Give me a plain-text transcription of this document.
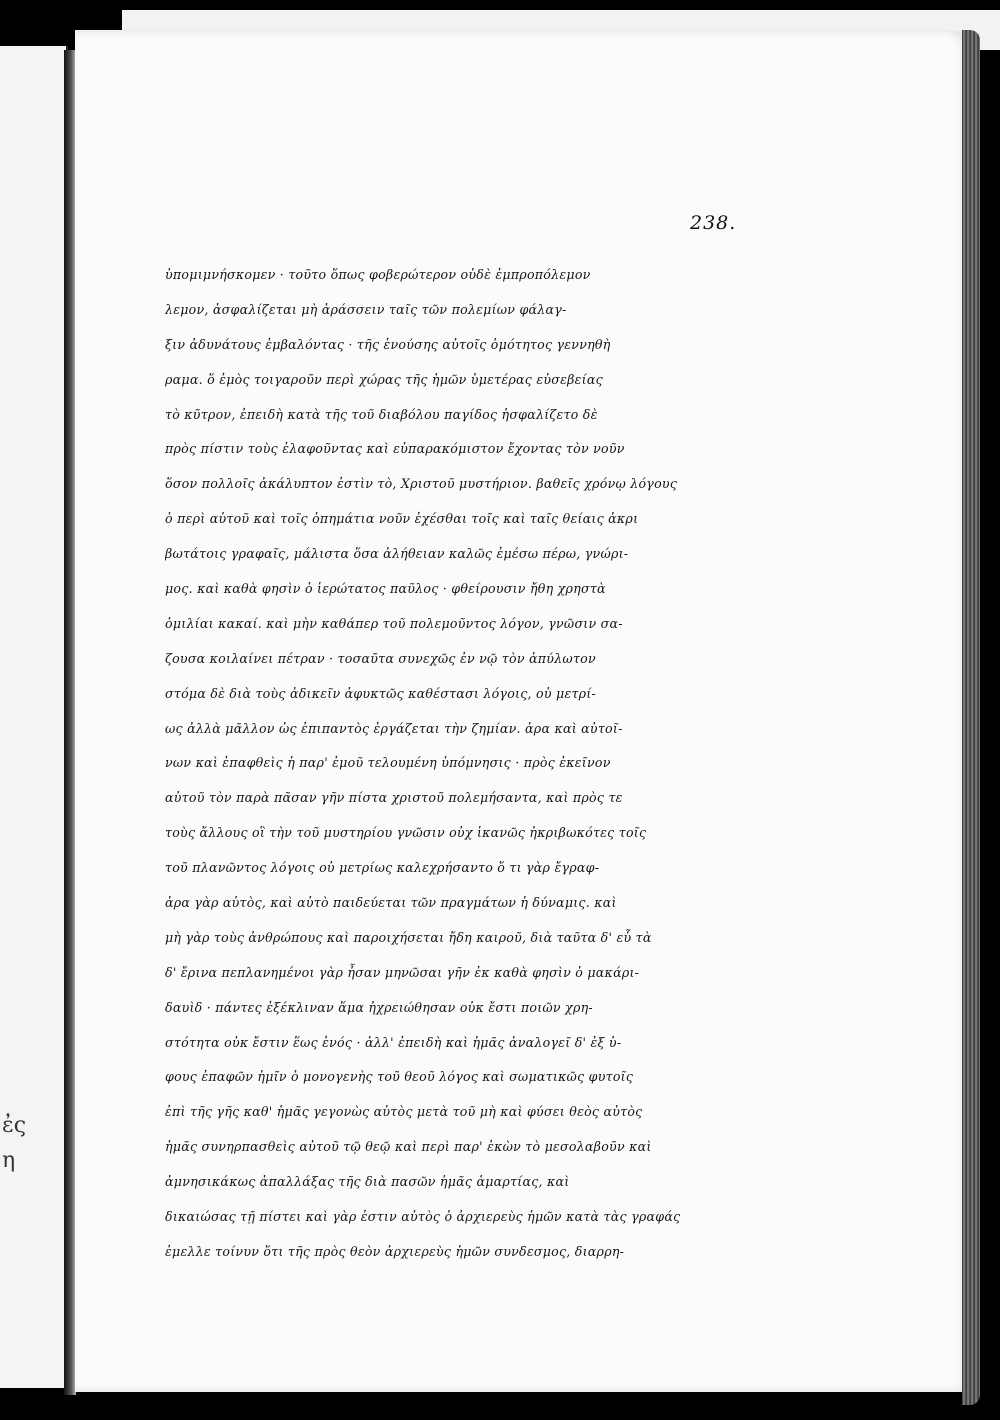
ἐς
η
238.
ὑπομιμνήσκομεν · τοῦτο ὅπως φοβερώτερον οὐδὲ ἐμπροπόλεμον
λεμον, ἀσφαλίζεται μὴ ἀράσσειν ταῖς τῶν πολεμίων φάλαγ-
ξιν ἀδυνάτους ἐμβαλόντας · τῆς ἑνούσης αὐτοῖς ὁμότητος γεννηθὴ
ραμα. ὅ ἐμὸς τοιγαροῦν περὶ χώρας τῆς ἡμῶν ὑμετέρας εὐσεβείας
τὸ κῦτρον, ἐπειδὴ κατὰ τῆς τοῦ διαβόλου παγίδος ἠσφαλίζετο δὲ
πρὸς πίστιν τοὺς ἐλαφοῦντας καὶ εὐπαρακόμιστον ἔχοντας τὸν νοῦν
ὅσον πολλοῖς ἀκάλυπτον ἐστὶν τὸ, Χριστοῦ μυστήριον. βαθεῖς χρόνῳ λόγους
ὁ περὶ αὐτοῦ καὶ τοῖς ὁπημάτια νοῦν ἐχέσθαι τοῖς καὶ ταῖς θείαις ἀκρι
βωτάτοις γραφαῖς, μάλιστα ὅσα ἀλήθειαν καλῶς ἐμέσω πέρω, γνώρι-
μος. καὶ καθὰ φησὶν ὁ ἱερώτατος παῦλος · φθείρουσιν ἤθη χρηστὰ
ὁμιλίαι κακαί. καὶ μὴν καθάπερ τοῦ πολεμοῦντος λόγον, γνῶσιν σα-
ζουσα κοιλαίνει πέτραν · τοσαῦτα συνεχῶς ἐν νῷ τὸν ἀπύλωτον
στόμα δὲ διὰ τοὺς ἀδικεῖν ἀφυκτῶς καθέστασι λόγοις, οὐ μετρί-
ως ἀλλὰ μᾶλλον ὡς ἐπιπαντὸς ἐργάζεται τὴν ζημίαν. ἀρα καὶ αὐτοῖ-
νων καὶ ἐπαφθεὶς ἡ παρ' ἐμοῦ τελουμένη ὑπόμνησις · πρὸς ἐκεῖνον
αὐτοῦ τὸν παρὰ πᾶσαν γῆν πίστα χριστοῦ πολεμήσαντα, καὶ πρὸς τε
τοὺς ἄλλους οἳ τὴν τοῦ μυστηρίου γνῶσιν οὐχ ἱκανῶς ἠκριβωκότες τοῖς
τοῦ πλανῶντος λόγοις οὐ μετρίως καλεχρήσαντο ὅ τι γὰρ ἔγραφ-
ἀρα γὰρ αὐτὸς, καὶ αὐτὸ παιδεύεται τῶν πραγμάτων ἡ δύναμις. καὶ
μὴ γὰρ τοὺς ἀνθρώπους καὶ παροιχήσεται ἤδη καιροῦ, διὰ ταῦτα δ' εὗ τὰ
δ' ἔρινα πεπλανημένοι γὰρ ἦσαν μηνῶσαι γῆν ἐκ καθὰ φησὶν ὁ μακάρι-
δαυὶδ · πάντες ἐξέκλιναν ἅμα ἠχρειώθησαν οὐκ ἔστι ποιῶν χρη-
στότητα οὐκ ἔστιν ἕως ἑνός · ἀλλ' ἐπειδὴ καὶ ἡμᾶς ἀναλογεῖ δ' ἐξ ὑ-
φους ἐπαφῶν ἡμῖν ὁ μονογενὴς τοῦ θεοῦ λόγος καὶ σωματικῶς φυτοῖς
ἐπὶ τῆς γῆς καθ' ἡμᾶς γεγονὼς αὐτὸς μετὰ τοῦ μὴ καὶ φύσει θεὸς αὐτὸς
ἡμᾶς συνηρπασθεὶς αὐτοῦ τῷ θεῷ καὶ περὶ παρ' ἑκὼν τὸ μεσολαβοῦν καὶ
ἀμνησικάκως ἀπαλλάξας τῆς διὰ πασῶν ἡμᾶς ἁμαρτίας, καὶ
δικαιώσας τῇ πίστει καὶ γὰρ ἐστιν αὐτὸς ὁ ἀρχιερεὺς ἡμῶν κατὰ τὰς γραφάς
ἐμελλε τοίνυν ὅτι τῆς πρὸς θεὸν ἀρχιερεὺς ἡμῶν συνδεσμος, διαρρη-
